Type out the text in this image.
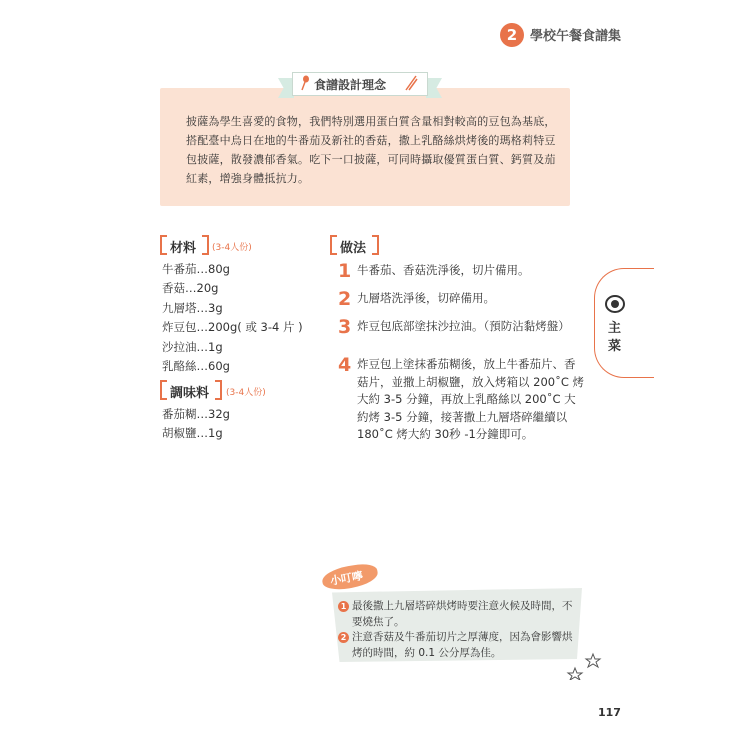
2 學校午餐食譜集
食譜設計理念
披薩為學生喜愛的食物，我們特別選用蛋白質含量相對較高的豆包為基底，搭配臺中烏日在地的牛番茄及新社的香菇，撒上乳酪絲烘烤後的瑪格莉特豆包披薩，散發濃郁香氣。吃下一口披薩，可同時攝取優質蛋白質、鈣質及茄紅素，增強身體抵抗力。
材料 (3-4人份)
牛番茄…80g
香菇…20g
九層塔…3g
炸豆包…200g( 或 3-4 片 )
沙拉油…1g
乳酪絲…60g
調味料 (3-4人份)
番茄糊…32g
胡椒鹽…1g
做法
1 牛番茄、香菇洗淨後，切片備用。
2 九層塔洗淨後，切碎備用。
3 炸豆包底部塗抹沙拉油。（預防沾黏烤盤）
4 炸豆包上塗抹番茄糊後，放上牛番茄片、香菇片，並撒上胡椒鹽，放入烤箱以 200˚C 烤大約 3-5 分鐘，再放上乳酪絲以 200˚C 大約烤 3-5 分鐘，接著撒上九層塔碎繼續以 180˚C 烤大約 30秒 -1分鐘即可。
主菜
小叮嚀
1 最後撒上九層塔碎烘烤時要注意火候及時間，不要燒焦了。
2 注意香菇及牛番茄切片之厚薄度，因為會影響烘烤的時間，約 0.1 公分厚為佳。
117
